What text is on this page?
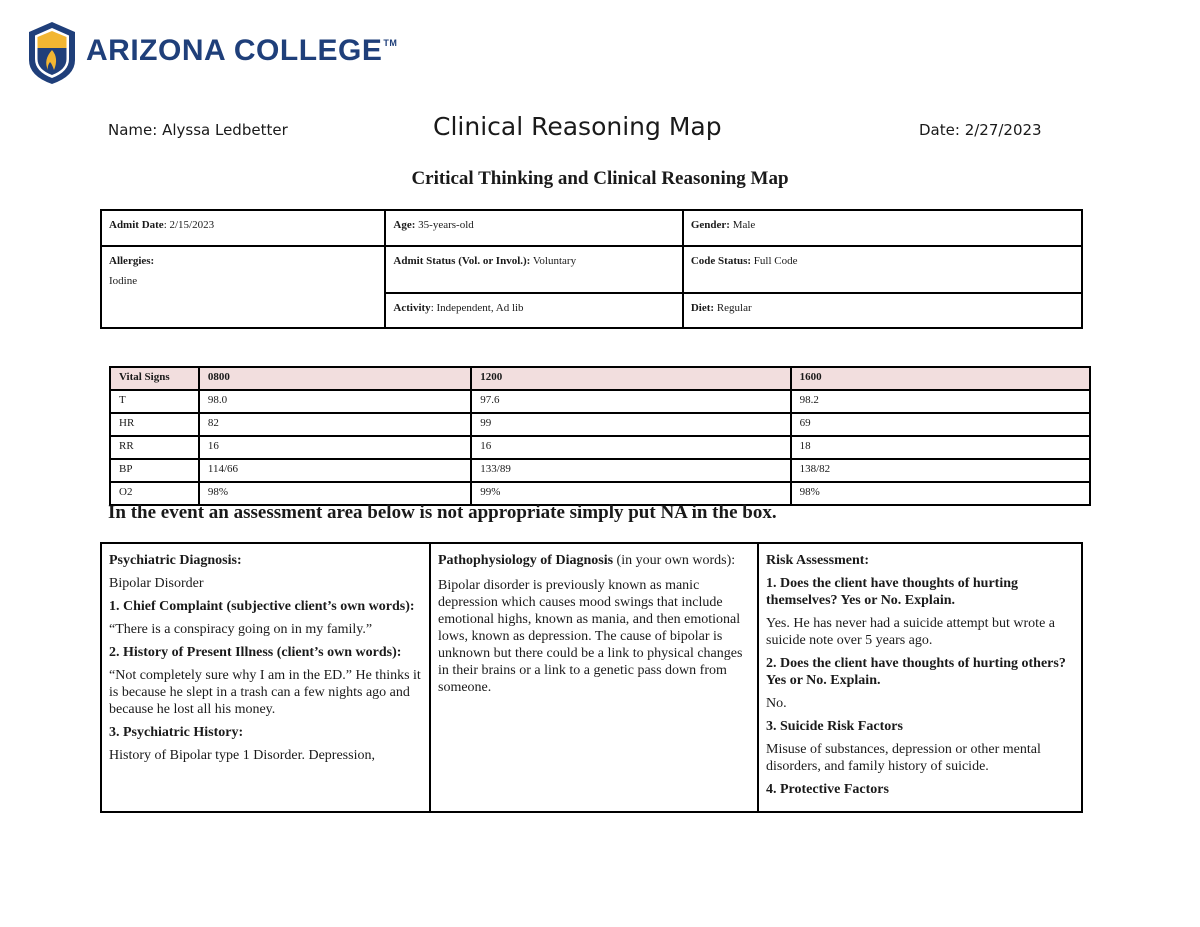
ARIZONA COLLEGE™
Name: Alyssa Ledbetter	Clinical Reasoning Map	Date: 2/27/2023
Critical Thinking and Clinical Reasoning Map
Admit Date: 2/15/2023	Age: 35-years-old	Gender: Male
Allergies:
Iodine	Admit Status (Vol. or Invol.): Voluntary	Code Status: Full Code
	Activity: Independent, Ad lib	Diet: Regular
Vital Signs	0800	1200	1600
T	98.0	97.6	98.2
HR	82	99	69
RR	16	16	18
BP	114/66	133/89	138/82
O2	98%	99%	98%
In the event an assessment area below is not appropriate simply put NA in the box.
Psychiatric Diagnosis:
Bipolar Disorder
1. Chief Complaint (subjective client’s own words):
“There is a conspiracy going on in my family.”
2. History of Present Illness (client’s own words):
“Not completely sure why I am in the ED.” He thinks it is because he slept in a trash can a few nights ago and because he lost all his money.
3. Psychiatric History:
History of Bipolar type 1 Disorder. Depression,
Pathophysiology of Diagnosis (in your own words):
Bipolar disorder is previously known as manic depression which causes mood swings that include emotional highs, known as mania, and then emotional lows, known as depression. The cause of bipolar is unknown but there could be a link to physical changes in their brains or a link to a genetic pass down from someone.
Risk Assessment:
1. Does the client have thoughts of hurting themselves? Yes or No. Explain.
Yes. He has never had a suicide attempt but wrote a suicide note over 5 years ago.
2. Does the client have thoughts of hurting others? Yes or No. Explain.
No.
3. Suicide Risk Factors
Misuse of substances, depression or other mental disorders, and family history of suicide.
4. Protective Factors
